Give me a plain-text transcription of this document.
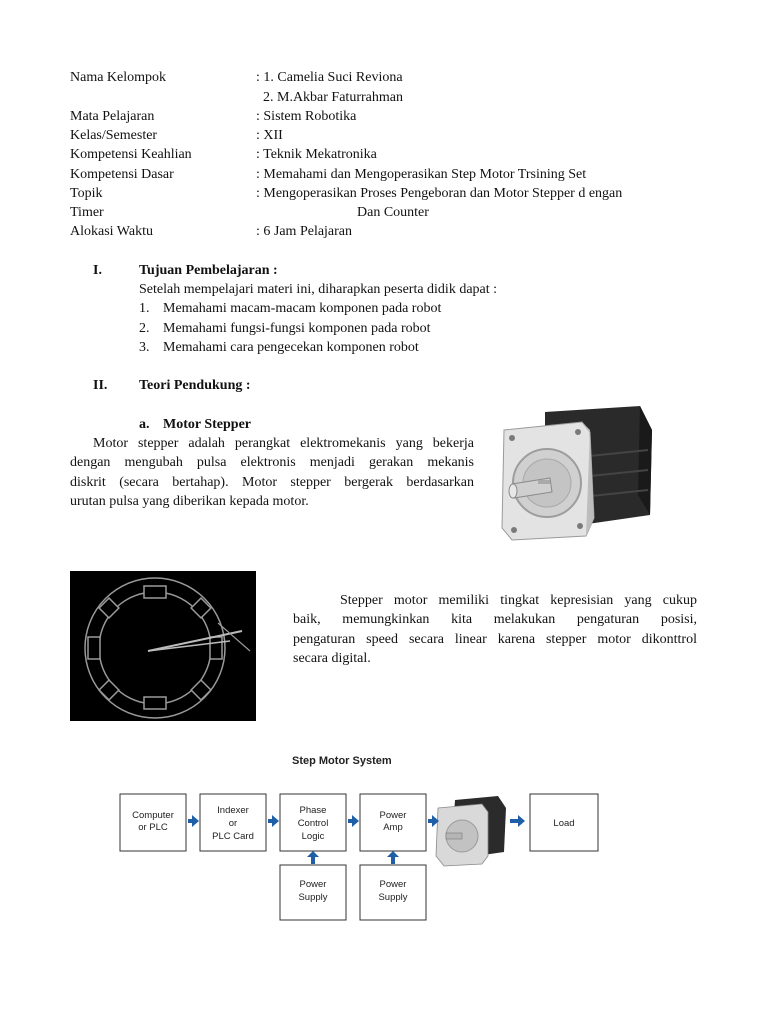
Nama Kelompok	: 1. Camelia Suci Reviona
2. M.Akbar Faturrahman
Mata Pelajaran	: Sistem Robotika
Kelas/Semester	: XII
Kompetensi Keahlian	: Teknik Mekatronika
Kompetensi Dasar	: Memahami dan Mengoperasikan Step Motor Trsining Set
Topik	: Mengoperasikan Proses Pengeboran dan Motor Stepper d engan
Timer	Dan Counter
Alokasi Waktu	: 6 Jam Pelajaran
I.	Tujuan Pembelajaran :
Setelah mempelajari materi ini, diharapkan peserta didik dapat :
1. Memahami macam-macam komponen pada robot
2. Memahami fungsi-fungsi komponen pada robot
3. Memahami cara pengecekan komponen robot
II. Teori Pendukung :
a. Motor Stepper
Motor stepper adalah perangkat elektromekanis yang bekerja
dengan mengubah pulsa elektronis menjadi gerakan mekanis
diskrit (secara bertahap). Motor stepper bergerak berdasarkan
urutan pulsa yang diberikan kepada motor.
Stepper motor memiliki tingkat kepresisian yang cukup
baik, memungkinkan kita melakukan pengaturan posisi,
pengaturan speed secara linear karena stepper motor dikonttrol
secara digital.
Step Motor System
Computer
or PLC
Indexer
or
PLC Card
Phase
Control
Logic
Power
Amp	Load
Power
Supply
Power
Supply
